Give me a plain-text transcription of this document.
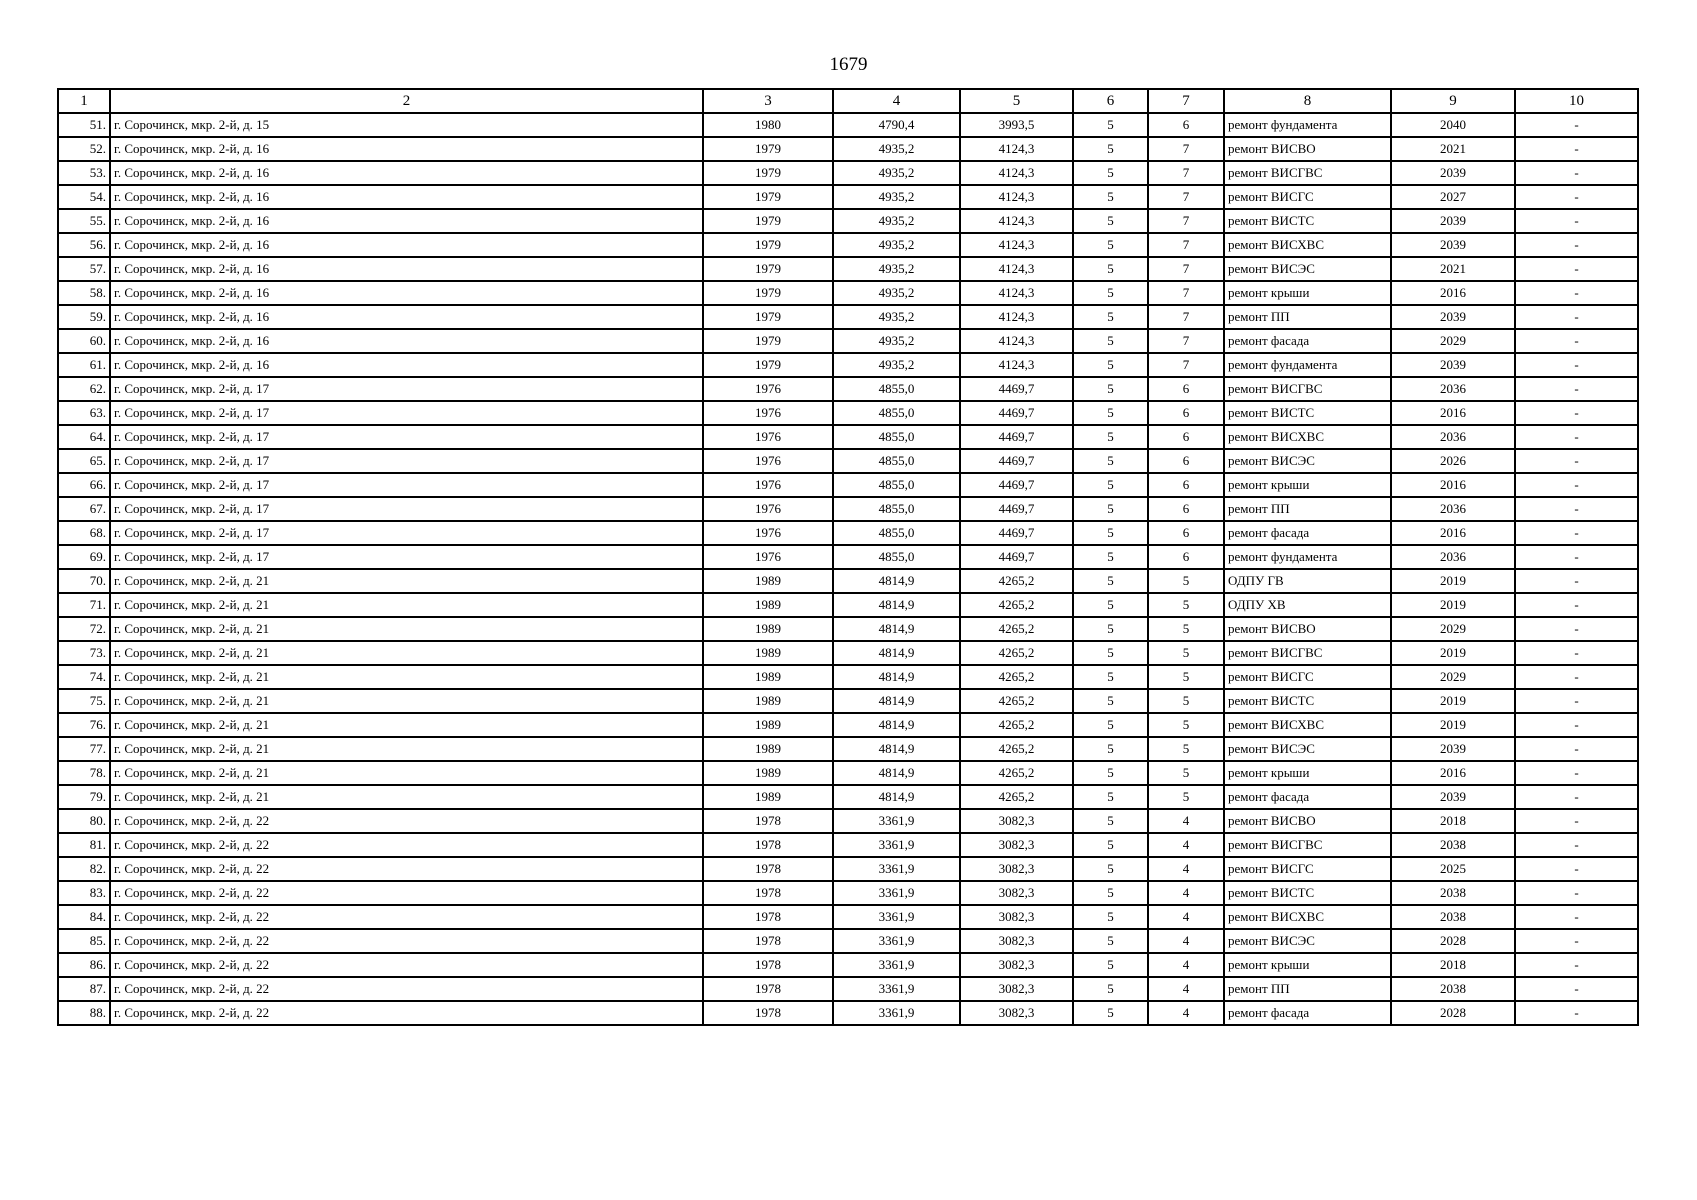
1679
1	2	3	4	5	6	7	8	9	10
51.	г. Сорочинск, мкр. 2-й, д. 15	1980	4790,4	3993,5	5	6	ремонт фундамента	2040	-
52.	г. Сорочинск, мкр. 2-й, д. 16	1979	4935,2	4124,3	5	7	ремонт ВИСВО	2021	-
53.	г. Сорочинск, мкр. 2-й, д. 16	1979	4935,2	4124,3	5	7	ремонт ВИСГВС	2039	-
54.	г. Сорочинск, мкр. 2-й, д. 16	1979	4935,2	4124,3	5	7	ремонт ВИСГС	2027	-
55.	г. Сорочинск, мкр. 2-й, д. 16	1979	4935,2	4124,3	5	7	ремонт ВИСТС	2039	-
56.	г. Сорочинск, мкр. 2-й, д. 16	1979	4935,2	4124,3	5	7	ремонт ВИСХВС	2039	-
57.	г. Сорочинск, мкр. 2-й, д. 16	1979	4935,2	4124,3	5	7	ремонт ВИСЭС	2021	-
58.	г. Сорочинск, мкр. 2-й, д. 16	1979	4935,2	4124,3	5	7	ремонт крыши	2016	-
59.	г. Сорочинск, мкр. 2-й, д. 16	1979	4935,2	4124,3	5	7	ремонт ПП	2039	-
60.	г. Сорочинск, мкр. 2-й, д. 16	1979	4935,2	4124,3	5	7	ремонт фасада	2029	-
61.	г. Сорочинск, мкр. 2-й, д. 16	1979	4935,2	4124,3	5	7	ремонт фундамента	2039	-
62.	г. Сорочинск, мкр. 2-й, д. 17	1976	4855,0	4469,7	5	6	ремонт ВИСГВС	2036	-
63.	г. Сорочинск, мкр. 2-й, д. 17	1976	4855,0	4469,7	5	6	ремонт ВИСТС	2016	-
64.	г. Сорочинск, мкр. 2-й, д. 17	1976	4855,0	4469,7	5	6	ремонт ВИСХВС	2036	-
65.	г. Сорочинск, мкр. 2-й, д. 17	1976	4855,0	4469,7	5	6	ремонт ВИСЭС	2026	-
66.	г. Сорочинск, мкр. 2-й, д. 17	1976	4855,0	4469,7	5	6	ремонт крыши	2016	-
67.	г. Сорочинск, мкр. 2-й, д. 17	1976	4855,0	4469,7	5	6	ремонт ПП	2036	-
68.	г. Сорочинск, мкр. 2-й, д. 17	1976	4855,0	4469,7	5	6	ремонт фасада	2016	-
69.	г. Сорочинск, мкр. 2-й, д. 17	1976	4855,0	4469,7	5	6	ремонт фундамента	2036	-
70.	г. Сорочинск, мкр. 2-й, д. 21	1989	4814,9	4265,2	5	5	ОДПУ ГВ	2019	-
71.	г. Сорочинск, мкр. 2-й, д. 21	1989	4814,9	4265,2	5	5	ОДПУ ХВ	2019	-
72.	г. Сорочинск, мкр. 2-й, д. 21	1989	4814,9	4265,2	5	5	ремонт ВИСВО	2029	-
73.	г. Сорочинск, мкр. 2-й, д. 21	1989	4814,9	4265,2	5	5	ремонт ВИСГВС	2019	-
74.	г. Сорочинск, мкр. 2-й, д. 21	1989	4814,9	4265,2	5	5	ремонт ВИСГС	2029	-
75.	г. Сорочинск, мкр. 2-й, д. 21	1989	4814,9	4265,2	5	5	ремонт ВИСТС	2019	-
76.	г. Сорочинск, мкр. 2-й, д. 21	1989	4814,9	4265,2	5	5	ремонт ВИСХВС	2019	-
77.	г. Сорочинск, мкр. 2-й, д. 21	1989	4814,9	4265,2	5	5	ремонт ВИСЭС	2039	-
78.	г. Сорочинск, мкр. 2-й, д. 21	1989	4814,9	4265,2	5	5	ремонт крыши	2016	-
79.	г. Сорочинск, мкр. 2-й, д. 21	1989	4814,9	4265,2	5	5	ремонт фасада	2039	-
80.	г. Сорочинск, мкр. 2-й, д. 22	1978	3361,9	3082,3	5	4	ремонт ВИСВО	2018	-
81.	г. Сорочинск, мкр. 2-й, д. 22	1978	3361,9	3082,3	5	4	ремонт ВИСГВС	2038	-
82.	г. Сорочинск, мкр. 2-й, д. 22	1978	3361,9	3082,3	5	4	ремонт ВИСГС	2025	-
83.	г. Сорочинск, мкр. 2-й, д. 22	1978	3361,9	3082,3	5	4	ремонт ВИСТС	2038	-
84.	г. Сорочинск, мкр. 2-й, д. 22	1978	3361,9	3082,3	5	4	ремонт ВИСХВС	2038	-
85.	г. Сорочинск, мкр. 2-й, д. 22	1978	3361,9	3082,3	5	4	ремонт ВИСЭС	2028	-
86.	г. Сорочинск, мкр. 2-й, д. 22	1978	3361,9	3082,3	5	4	ремонт крыши	2018	-
87.	г. Сорочинск, мкр. 2-й, д. 22	1978	3361,9	3082,3	5	4	ремонт ПП	2038	-
88.	г. Сорочинск, мкр. 2-й, д. 22	1978	3361,9	3082,3	5	4	ремонт фасада	2028	-
